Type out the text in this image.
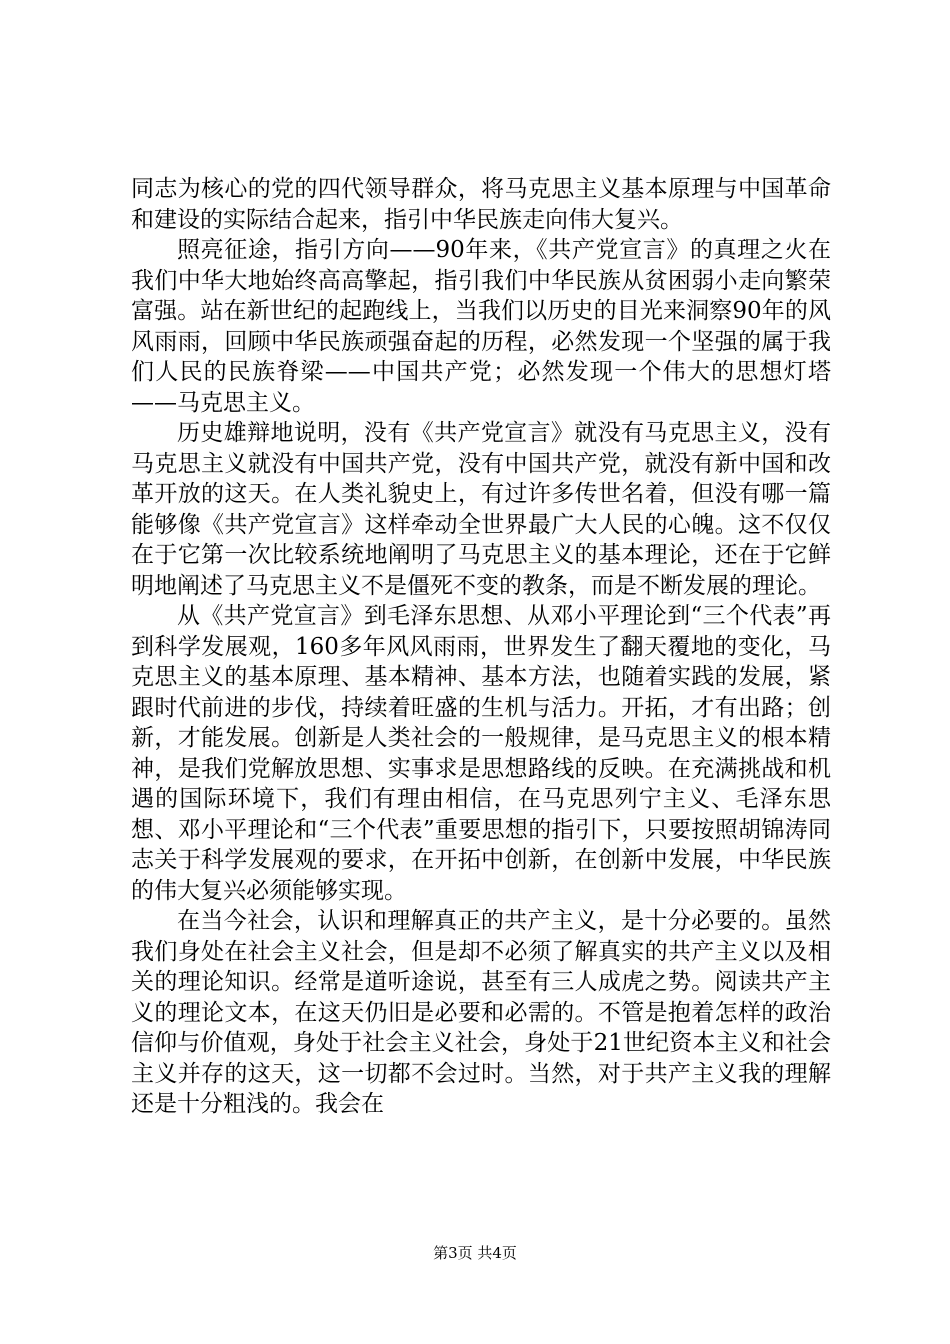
同志为核心的党的四代领导群众，将马克思主义基本原理与中国革命和建设的实际结合起来，指引中华民族走向伟大复兴。

照亮征途，指引方向——90年来，《共产党宣言》的真理之火在我们中华大地始终高高擎起，指引我们中华民族从贫困弱小走向繁荣富强。站在新世纪的起跑线上，当我们以历史的目光来洞察90年的风风雨雨，回顾中华民族顽强奋起的历程，必然发现一个坚强的属于我们人民的民族脊梁——中国共产党；必然发现一个伟大的思想灯塔——马克思主义。

历史雄辩地说明，没有《共产党宣言》就没有马克思主义，没有马克思主义就没有中国共产党，没有中国共产党，就没有新中国和改革开放的这天。在人类礼貌史上，有过许多传世名着，但没有哪一篇能够像《共产党宣言》这样牵动全世界最广大人民的心魄。这不仅仅在于它第一次比较系统地阐明了马克思主义的基本理论，还在于它鲜明地阐述了马克思主义不是僵死不变的教条，而是不断发展的理论。

从《共产党宣言》到毛泽东思想、从邓小平理论到“三个代表”再到科学发展观，160多年风风雨雨，世界发生了翻天覆地的变化，马克思主义的基本原理、基本精神、基本方法，也随着实践的发展，紧跟时代前进的步伐，持续着旺盛的生机与活力。开拓，才有出路；创新，才能发展。创新是人类社会的一般规律，是马克思主义的根本精神，是我们党解放思想、实事求是思想路线的反映。在充满挑战和机遇的国际环境下，我们有理由相信，在马克思列宁主义、毛泽东思想、邓小平理论和“三个代表”重要思想的指引下，只要按照胡锦涛同志关于科学发展观的要求，在开拓中创新，在创新中发展，中华民族的伟大复兴必须能够实现。

在当今社会，认识和理解真正的共产主义，是十分必要的。虽然我们身处在社会主义社会，但是却不必须了解真实的共产主义以及相关的理论知识。经常是道听途说，甚至有三人成虎之势。阅读共产主义的理论文本，在这天仍旧是必要和必需的。不管是抱着怎样的政治信仰与价值观，身处于社会主义社会，身处于21世纪资本主义和社会主义并存的这天，这一切都不会过时。当然，对于共产主义我的理解还是十分粗浅的。我会在

第3页 共4页
